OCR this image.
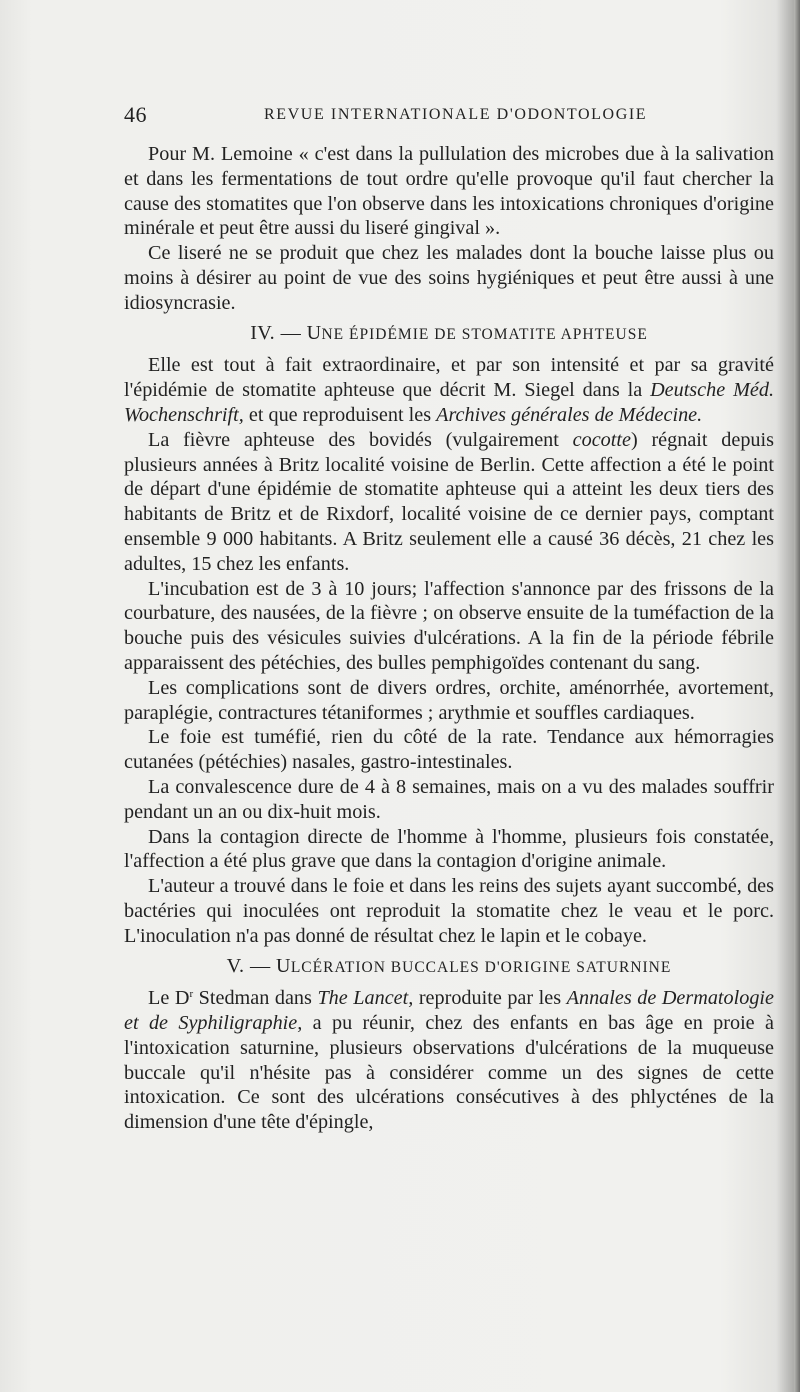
46	REVUE INTERNATIONALE D'ODONTOLOGIE

Pour M. Lemoine « c'est dans la pullulation des microbes due à la salivation et dans les fermentations de tout ordre qu'elle provoque qu'il faut chercher la cause des stomatites que l'on observe dans les intoxications chroniques d'origine minérale et peut être aussi du liseré gingival ».

Ce liseré ne se produit que chez les malades dont la bouche laisse plus ou moins à désirer au point de vue des soins hygiéniques et peut être aussi à une idiosyncrasie.

IV. — UNE ÉPIDÉMIE DE STOMATITE APHTEUSE

Elle est tout à fait extraordinaire, et par son intensité et par sa gravité l'épidémie de stomatite aphteuse que décrit M. Siegel dans la Deutsche Méd. Wochenschrift, et que reproduisent les Archives générales de Médecine.

La fièvre aphteuse des bovidés (vulgairement cocotte) régnait depuis plusieurs années à Britz localité voisine de Berlin. Cette affection a été le point de départ d'une épidémie de stomatite aphteuse qui a atteint les deux tiers des habitants de Britz et de Rixdorf, localité voisine de ce dernier pays, comptant ensemble 9 000 habitants. A Britz seulement elle a causé 36 décès, 21 chez les adultes, 15 chez les enfants.

L'incubation est de 3 à 10 jours; l'affection s'annonce par des frissons de la courbature, des nausées, de la fièvre ; on observe ensuite de la tuméfaction de la bouche puis des vésicules suivies d'ulcérations. A la fin de la période fébrile apparaissent des pétéchies, des bulles pemphigoïdes contenant du sang.

Les complications sont de divers ordres, orchite, aménorrhée, avortement, paraplégie, contractures tétaniformes ; arythmie et souffles cardiaques.

Le foie est tuméfié, rien du côté de la rate. Tendance aux hémorragies cutanées (pétéchies) nasales, gastro-intestinales.

La convalescence dure de 4 à 8 semaines, mais on a vu des malades souffrir pendant un an ou dix-huit mois.

Dans la contagion directe de l'homme à l'homme, plusieurs fois constatée, l'affection a été plus grave que dans la contagion d'origine animale.

L'auteur a trouvé dans le foie et dans les reins des sujets ayant succombé, des bactéries qui inoculées ont reproduit la stomatite chez le veau et le porc. L'inoculation n'a pas donné de résultat chez le lapin et le cobaye.

V. — ULCÉRATION BUCCALES D'ORIGINE SATURNINE

Le $D^r$ Stedman dans The Lancet, reproduite par les Annales de Dermatologie et de Syphiligraphie, a pu réunir, chez des enfants en bas âge en proie à l'intoxication saturnine, plusieurs observations d'ulcérations de la muqueuse buccale qu'il n'hésite pas à considérer comme un des signes de cette intoxication. Ce sont des ulcérations consécutives à des phlycténes de la dimension d'une tête d'épingle,
